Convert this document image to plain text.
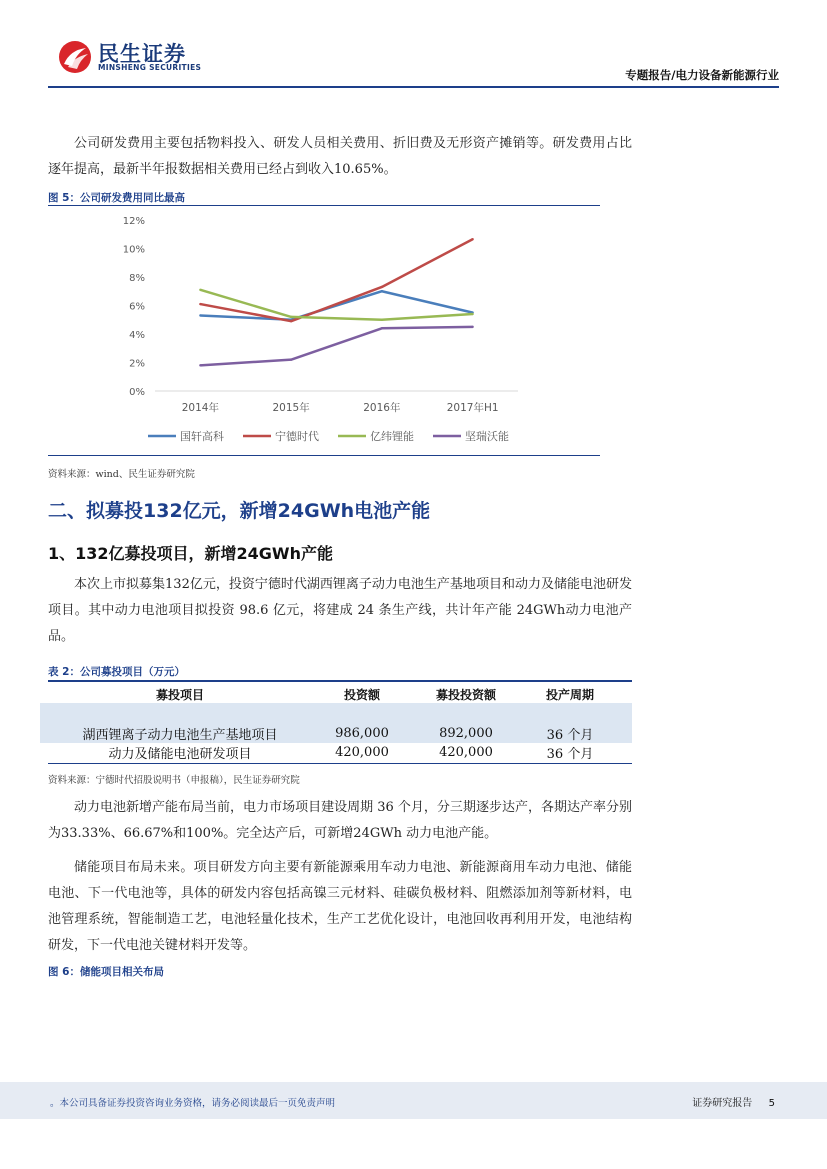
民生证券
MINSHENG SECURITIES
专题报告/电力设备新能源行业
公司研发费用主要包括物料投入、研发人员相关费用、折旧费及无形资产摊销等。研发费用占比逐年提高，最新半年报数据相关费用已经占到收入10.65%。
图 5：公司研发费用同比最高
0%
2%
4%
6%
8%
10%
12%
2014年	2015年	2016年	2017年H1
国轩高科	宁德时代	亿纬锂能	坚瑞沃能
资料来源：wind、民生证券研究院
二、拟募投132亿元，新增24GWh电池产能
1、132亿募投项目，新增24GWh产能
本次上市拟募集132亿元，投资宁德时代湖西锂离子动力电池生产基地项目和动力及储能电池研发项目。其中动力电池项目拟投资 98.6 亿元，将建成 24 条生产线，共计年产能 24GWh动力电池产品。
表 2：公司募投项目（万元）
募投项目	投资额	募投投资额	投产周期
湖西锂离子动力电池生产基地项目	986,000	892,000	36 个月
动力及储能电池研发项目	420,000	420,000	36 个月
资料来源：宁德时代招股说明书（申报稿），民生证券研究院
动力电池新增产能布局当前，电力市场项目建设周期 36 个月，分三期逐步达产，各期达产率分别为33.33%、66.67%和100%。完全达产后，可新增24GWh 动力电池产能。
储能项目布局未来。项目研发方向主要有新能源乘用车动力电池、新能源商用车动力电池、储能电池、下一代电池等，具体的研发内容包括高镍三元材料、硅碳负极材料、阻燃添加剂等新材料，电池管理系统，智能制造工艺，电池轻量化技术，生产工艺优化设计，电池回收再利用开发，电池结构研发，下一代电池关键材料开发等。
图 6：储能项目相关布局
。本公司具备证券投资咨询业务资格，请务必阅读最后一页免责声明	证券研究报告 5
